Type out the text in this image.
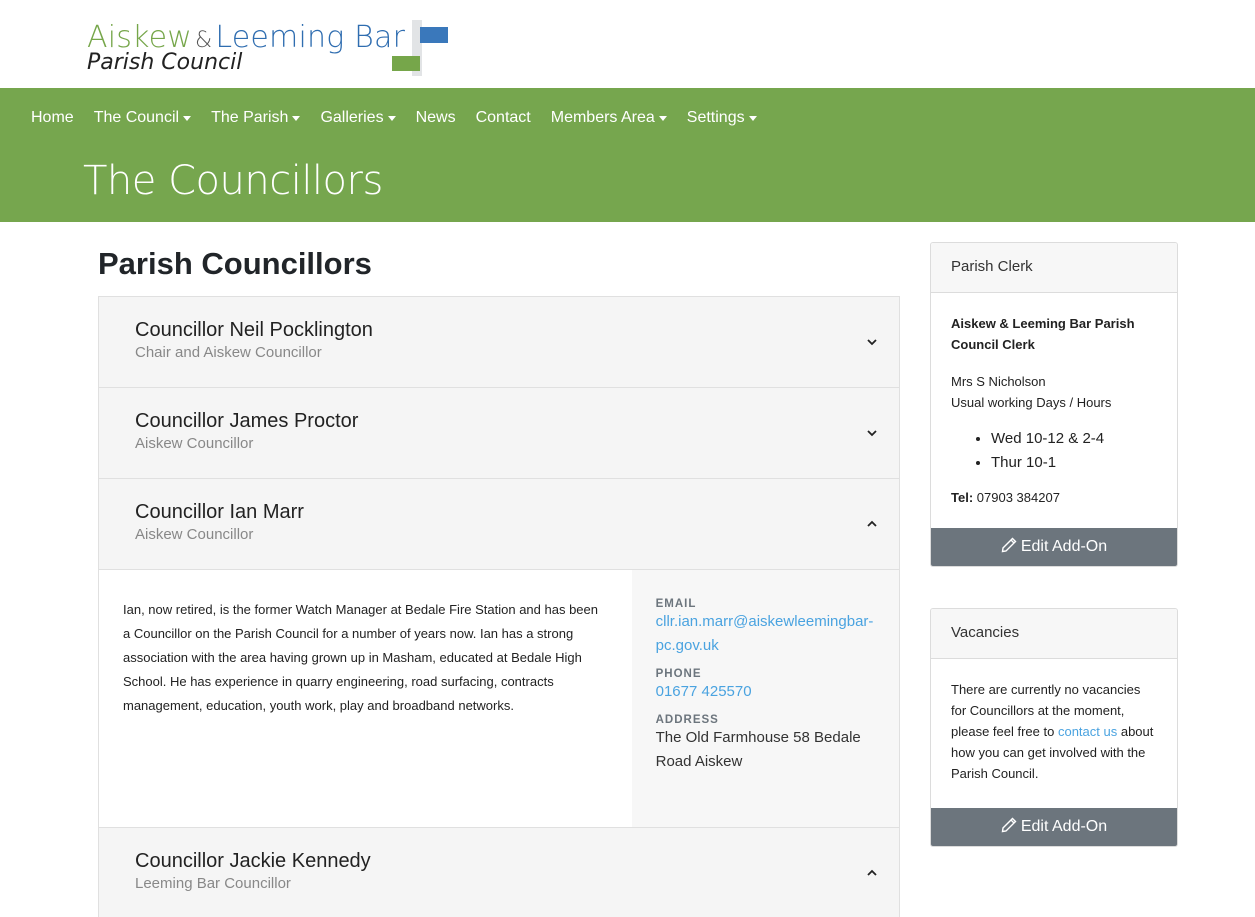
Aiskew & Leeming Bar
Parish Council
Home The Council The Parish Galleries News Contact Members Area Settings
The Councillors
Parish Councillors
Councillor Neil Pocklington
Chair and Aiskew Councillor
Councillor James Proctor
Aiskew Councillor
Councillor Ian Marr
Aiskew Councillor
Ian, now retired, is the former Watch Manager at Bedale Fire Station and has been a Councillor on the Parish Council for a number of years now. Ian has a strong association with the area having grown up in Masham, educated at Bedale High School. He has experience in quarry engineering, road surfacing, contracts management, education, youth work, play and broadband networks.
EMAIL
cllr.ian.marr@aiskewleemingbar-pc.gov.uk
PHONE
01677 425570
ADDRESS
The Old Farmhouse 58 Bedale Road Aiskew
Councillor Jackie Kennedy
Leeming Bar Councillor
Parish Clerk
Aiskew & Leeming Bar Parish Council Clerk
Mrs S Nicholson
Usual working Days / Hours
• Wed 10-12 & 2-4
• Thur 10-1
Tel: 07903 384207
Edit Add-On
Vacancies
There are currently no vacancies for Councillors at the moment, please feel free to contact us about how you can get involved with the Parish Council.
Edit Add-On
